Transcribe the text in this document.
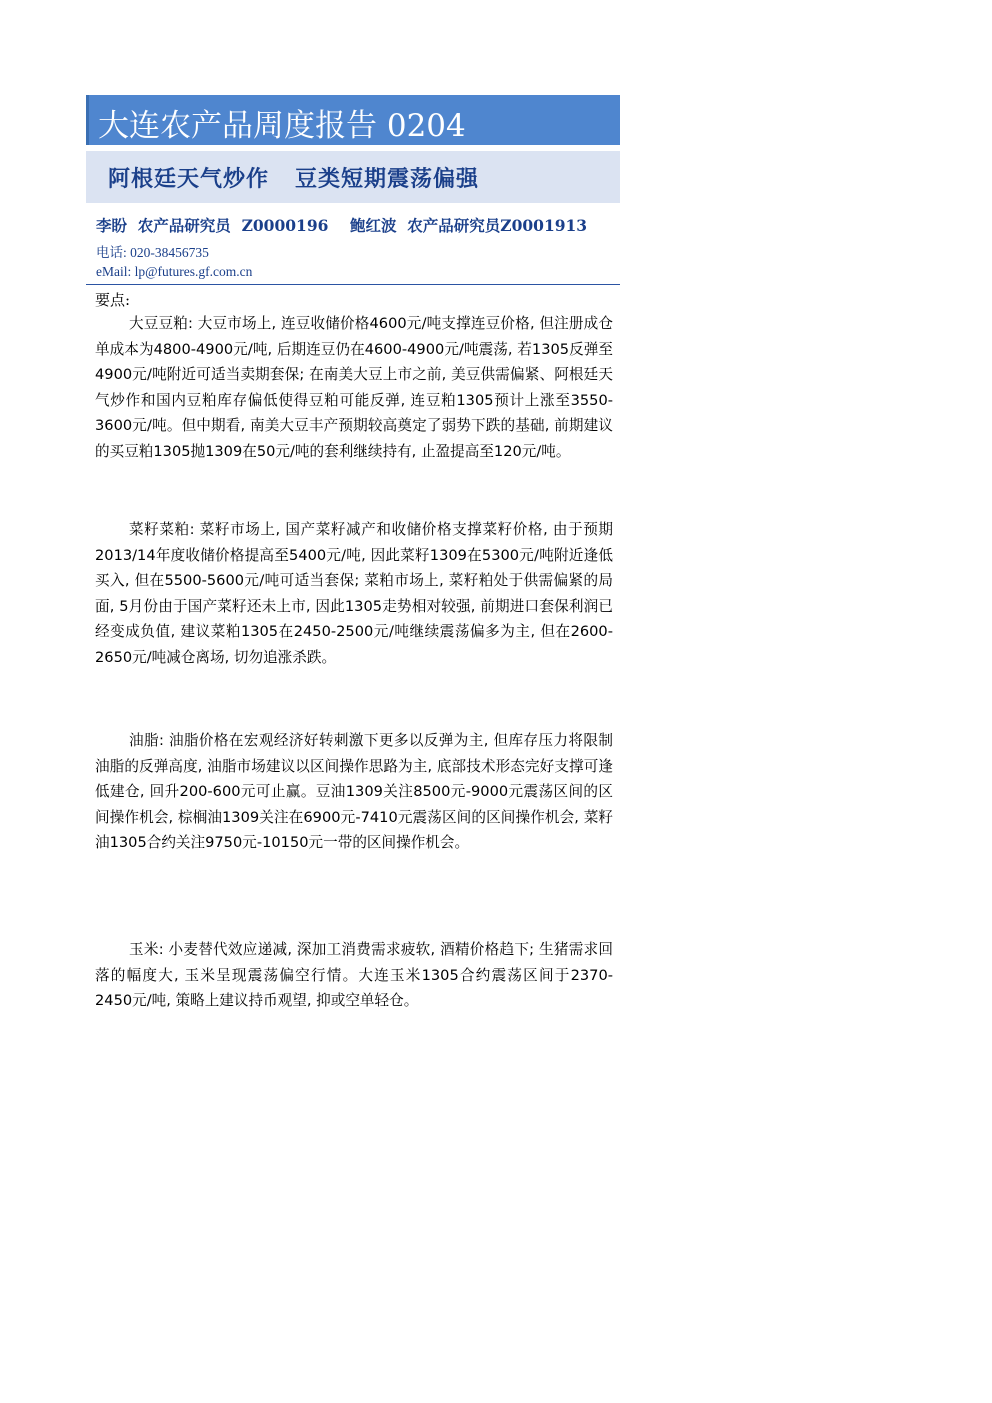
大连农产品周度报告 0204
阿根廷天气炒作   豆类短期震荡偏强
李盼  农产品研究员  Z0000196    鲍红波  农产品研究员Z0001913
电话: 020-38456735
eMail: lp@futures.gf.com.cn
要点:
大豆豆粕: 大豆市场上, 连豆收储价格4600元/吨支撑连豆价格, 但注册成仓单成本为4800-4900元/吨, 后期连豆仍在4600-4900元/吨震荡, 若1305反弹至4900元/吨附近可适当卖期套保; 在南美大豆上市之前, 美豆供需偏紧、阿根廷天气炒作和国内豆粕库存偏低使得豆粕可能反弹, 连豆粕1305预计上涨至3550-3600元/吨。但中期看, 南美大豆丰产预期较高奠定了弱势下跌的基础, 前期建议的买豆粕1305抛1309在50元/吨的套利继续持有, 止盈提高至120元/吨。
菜籽菜粕: 菜籽市场上, 国产菜籽减产和收储价格支撑菜籽价格, 由于预期2013/14年度收储价格提高至5400元/吨, 因此菜籽1309在5300元/吨附近逢低买入, 但在5500-5600元/吨可适当套保; 菜粕市场上, 菜籽粕处于供需偏紧的局面, 5月份由于国产菜籽还未上市, 因此1305走势相对较强, 前期进口套保利润已经变成负值, 建议菜粕1305在2450-2500元/吨继续震荡偏多为主, 但在2600-2650元/吨减仓离场, 切勿追涨杀跌。
油脂: 油脂价格在宏观经济好转刺激下更多以反弹为主, 但库存压力将限制油脂的反弹高度, 油脂市场建议以区间操作思路为主, 底部技术形态完好支撑可逢低建仓, 回升200-600元可止赢。豆油1309关注8500元-9000元震荡区间的区间操作机会, 棕榈油1309关注在6900元-7410元震荡区间的区间操作机会, 菜籽油1305合约关注9750元-10150元一带的区间操作机会。
玉米: 小麦替代效应递减, 深加工消费需求疲软, 酒精价格趋下; 生猪需求回落的幅度大, 玉米呈现震荡偏空行情。大连玉米1305合约震荡区间于2370-2450元/吨, 策略上建议持币观望, 抑或空单轻仓。
